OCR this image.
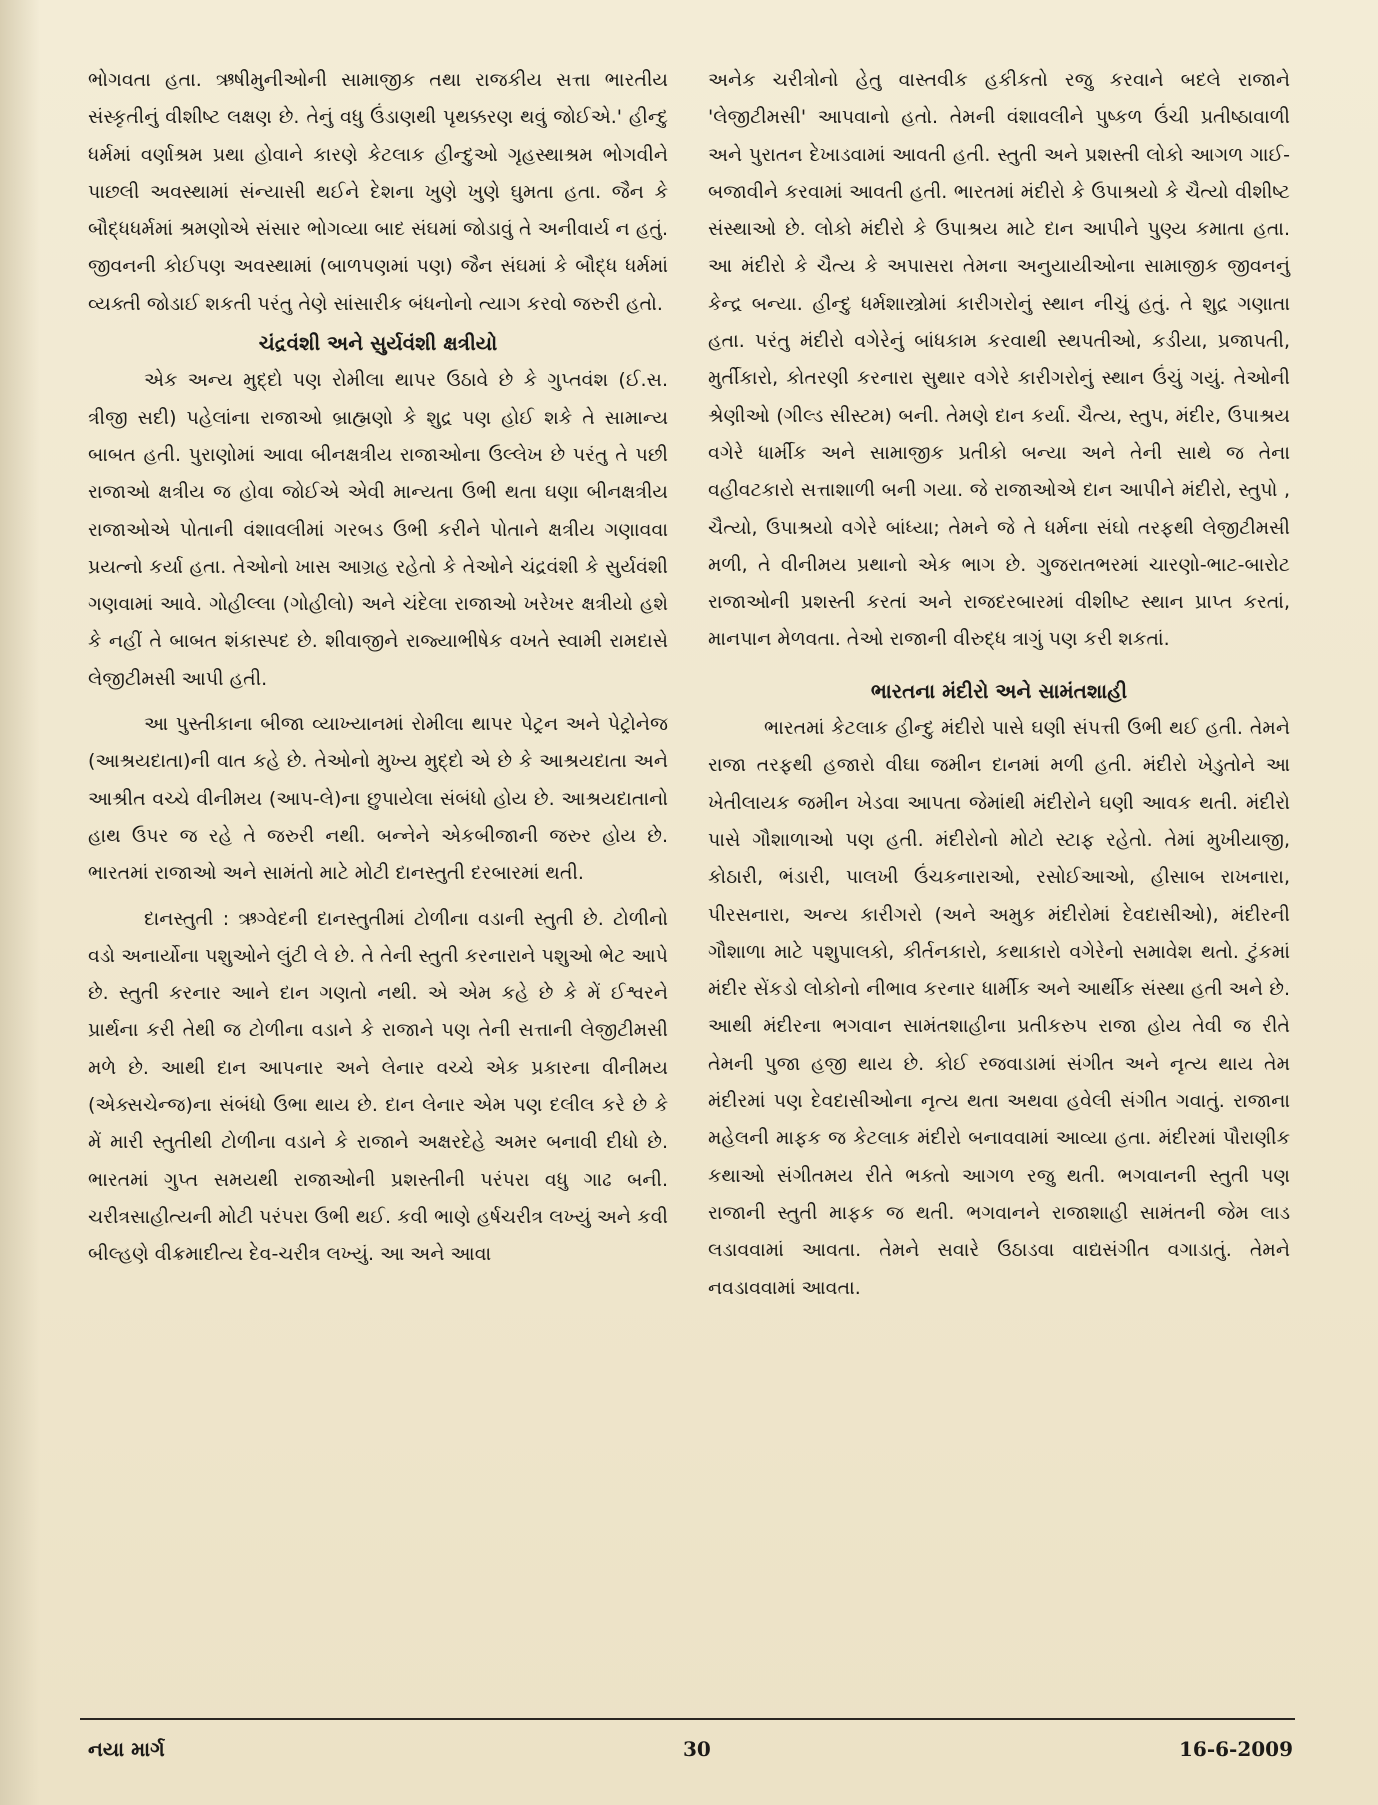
ભોગવતા હતા. ઋષીમુનીઓની સામાજીક તથા રાજકીય સત્તા ભારતીય સંસ્કૃતીનું વીશીષ્ટ લક્ષણ છે. તેનું વધુ ઉંડાણથી પૃથક્કરણ થવું જોઈએ.' હીન્દુ ધર્મમાં વર્ણાશ્રમ પ્રથા હોવાને કારણે કેટલાક હીન્દુઓ ગૃહસ્થાશ્રમ ભોગવીને પાછલી અવસ્થામાં સંન્યાસી થઈને દેશના ખુણે ખુણે ઘુમતા હતા. જૈન કે બૌદ્ધધર્મમાં શ્રમણોએ સંસાર ભોગવ્યા બાદ સંઘમાં જોડાવું તે અનીવાર્ય ન હતું. જીવનની કોઈપણ અવસ્થામાં (બાળપણમાં પણ) જૈન સંઘમાં કે બૌદ્ધ ધર્મમાં વ્યક્તી જોડાઈ શકતી પરંતુ તેણે સાંસારીક બંધનોનો ત્યાગ કરવો જરુરી હતો.

ચંદ્રવંશી અને સુર્યવંશી ક્ષત્રીયો

એક અન્ય મુદ્દો પણ રોમીલા થાપર ઉઠાવે છે કે ગુપ્તવંશ (ઈ.સ. ત્રીજી સદી) પહેલાંના રાજાઓ બ્રાહ્મણો કે શુદ્ર પણ હોઈ શકે તે સામાન્ય બાબત હતી. પુરાણોમાં આવા બીનક્ષત્રીય રાજાઓના ઉલ્લેખ છે પરંતુ તે પછી રાજાઓ ક્ષત્રીય જ હોવા જોઈએ એવી માન્યતા ઉભી થતા ઘણા બીનક્ષત્રીય રાજાઓએ પોતાની વંશાવલીમાં ગરબડ ઉભી કરીને પોતાને ક્ષત્રીય ગણાવવા પ્રયત્નો કર્યા હતા. તેઓનો ખાસ આગ્રહ રહેતો કે તેઓને ચંદ્રવંશી કે સુર્યવંશી ગણવામાં આવે. ગોહીલ્લા (ગોહીલો) અને ચંદેલા રાજાઓ ખરેખર ક્ષત્રીયો હશે કે નહીં તે બાબત શંકાસ્પદ છે. શીવાજીને રાજ્યાભીષેક વખતે સ્વામી રામદાસે લેજીટીમસી આપી હતી.

આ પુસ્તીકાના બીજા વ્યાખ્યાનમાં રોમીલા થાપર પેટ્રન અને પેટ્રોનેજ (આશ્રયદાતા)ની વાત કહે છે. તેઓનો મુખ્ય મુદ્દો એ છે કે આશ્રયદાતા અને આશ્રીત વચ્ચે વીનીમય (આપ-લે)ના છુપાયેલા સંબંધો હોય છે. આશ્રયદાતાનો હાથ ઉપર જ રહે તે જરુરી નથી. બન્નેને એકબીજાની જરુર હોય છે. ભારતમાં રાજાઓ અને સામંતો માટે મોટી દાનસ્તુતી દરબારમાં થતી.

દાનસ્તુતી : ઋગ્વેદની દાનસ્તુતીમાં ટોળીના વડાની સ્તુતી છે. ટોળીનો વડો અનાર્યોના પશુઓને લુંટી લે છે. તે તેની સ્તુતી કરનારાને પશુઓ ભેટ આપે છે. સ્તુતી કરનાર આને દાન ગણતો નથી. એ એમ કહે છે કે મેં ઈશ્વરને પ્રાર્થના કરી તેથી જ ટોળીના વડાને કે રાજાને પણ તેની સત્તાની લેજીટીમસી મળે છે. આથી દાન આપનાર અને લેનાર વચ્ચે એક પ્રકારના વીનીમય (એક્સચેન્જ)ના સંબંધો ઉભા થાય છે. દાન લેનાર એમ પણ દલીલ કરે છે કે મેં મારી સ્તુતીથી ટોળીના વડાને કે રાજાને અક્ષરદેહે અમર બનાવી દીધો છે. ભારતમાં ગુપ્ત સમયથી રાજાઓની પ્રશસ્તીની પરંપરા વધુ ગાઢ બની. ચરીત્રસાહીત્યની મોટી પરંપરા ઉભી થઈ. કવી ભાણે હર્ષચરીત્ર લખ્યું અને કવી બીલ્હણે વીક્રમાદીત્ય દેવ-ચરીત્ર લખ્યું. આ અને આવા

અનેક ચરીત્રોનો હેતુ વાસ્તવીક હકીકતો રજુ કરવાને બદલે રાજાને 'લેજીટીમસી' આપવાનો હતો. તેમની વંશાવલીને પુષ્કળ ઉંચી પ્રતીષ્ઠાવાળી અને પુરાતન દેખાડવામાં આવતી હતી. સ્તુતી અને પ્રશસ્તી લોકો આગળ ગાઈ-બજાવીને કરવામાં આવતી હતી. ભારતમાં મંદીરો કે ઉપાશ્રયો કે ચૈત્યો વીશીષ્ટ સંસ્થાઓ છે. લોકો મંદીરો કે ઉપાશ્રય માટે દાન આપીને પુણ્ય કમાતા હતા. આ મંદીરો કે ચૈત્ય કે અપાસરા તેમના અનુયાયીઓના સામાજીક જીવનનું કેન્દ્ર બન્યા. હીન્દુ ધર્મશાસ્ત્રોમાં કારીગરોનું સ્થાન નીચું હતું. તે શુદ્ર ગણાતા હતા. પરંતુ મંદીરો વગેરેનું બાંધકામ કરવાથી સ્થપતીઓ, કડીયા, પ્રજાપતી, મુર્તીકારો, કોતરણી કરનારા સુથાર વગેરે કારીગરોનું સ્થાન ઉંચું ગયું. તેઓની શ્રેણીઓ (ગીલ્ડ સીસ્ટમ) બની. તેમણે દાન કર્યા. ચૈત્ય, સ્તુપ, મંદીર, ઉપાશ્રય વગેરે ધાર્મીક અને સામાજીક પ્રતીકો બન્યા અને તેની સાથે જ તેના વહીવટકારો સત્તાશાળી બની ગયા. જે રાજાઓએ દાન આપીને મંદીરો, સ્તુપો , ચૈત્યો, ઉપાશ્રયો વગેરે બાંધ્યા; તેમને જે તે ધર્મના સંઘો તરફથી લેજીટીમસી મળી, તે વીનીમય પ્રથાનો એક ભાગ છે. ગુજરાતભરમાં ચારણો-ભાટ-બારોટ રાજાઓની પ્રશસ્તી કરતાં અને રાજદરબારમાં વીશીષ્ટ સ્થાન પ્રાપ્ત કરતાં, માનપાન મેળવતા. તેઓ રાજાની વીરુદ્ધ ત્રાગું પણ કરી શકતાં.

ભારતના મંદીરો અને સામંતશાહી

ભારતમાં કેટલાક હીન્દુ મંદીરો પાસે ઘણી સંપત્તી ઉભી થઈ હતી. તેમને રાજા તરફથી હજારો વીઘા જમીન દાનમાં મળી હતી. મંદીરો ખેડુતોને આ ખેતીલાયક જમીન ખેડવા આપતા જેમાંથી મંદીરોને ઘણી આવક થતી. મંદીરો પાસે ગૌશાળાઓ પણ હતી. મંદીરોનો મોટો સ્ટાફ રહેતો. તેમાં મુખીયાજી, કોઠારી, ભંડારી, પાલખી ઉંચકનારાઓ, રસોઈઆઓ, હીસાબ રાખનારા, પીરસનારા, અન્ય કારીગરો (અને અમુક મંદીરોમાં દેવદાસીઓ), મંદીરની ગૌશાળા માટે પશુપાલકો, કીર્તનકારો, કથાકારો વગેરેનો સમાવેશ થતો. ટુંકમાં મંદીર સેંકડો લોકોનો નીભાવ કરનાર ધાર્મીક અને આર્થીક સંસ્થા હતી અને છે. આથી મંદીરના ભગવાન સામંતશાહીના પ્રતીકરુપ રાજા હોય તેવી જ રીતે તેમની પુજા હજી થાય છે. કોઈ રજવાડામાં સંગીત અને નૃત્ય થાય તેમ મંદીરમાં પણ દેવદાસીઓના નૃત્ય થતા અથવા હવેલી સંગીત ગવાતું. રાજાના મહેલની માફક જ કેટલાક મંદીરો બનાવવામાં આવ્યા હતા. મંદીરમાં પૌરાણીક કથાઓ સંગીતમય રીતે ભક્તો આગળ રજુ થતી. ભગવાનની સ્તુતી પણ રાજાની સ્તુતી માફક જ થતી. ભગવાનને રાજાશાહી સામંતની જેમ લાડ લડાવવામાં આવતા. તેમને સવારે ઉઠાડવા વાદ્યસંગીત વગાડાતું. તેમને નવડાવવામાં આવતા.

નયા માર્ગ	30	16-6-2009
